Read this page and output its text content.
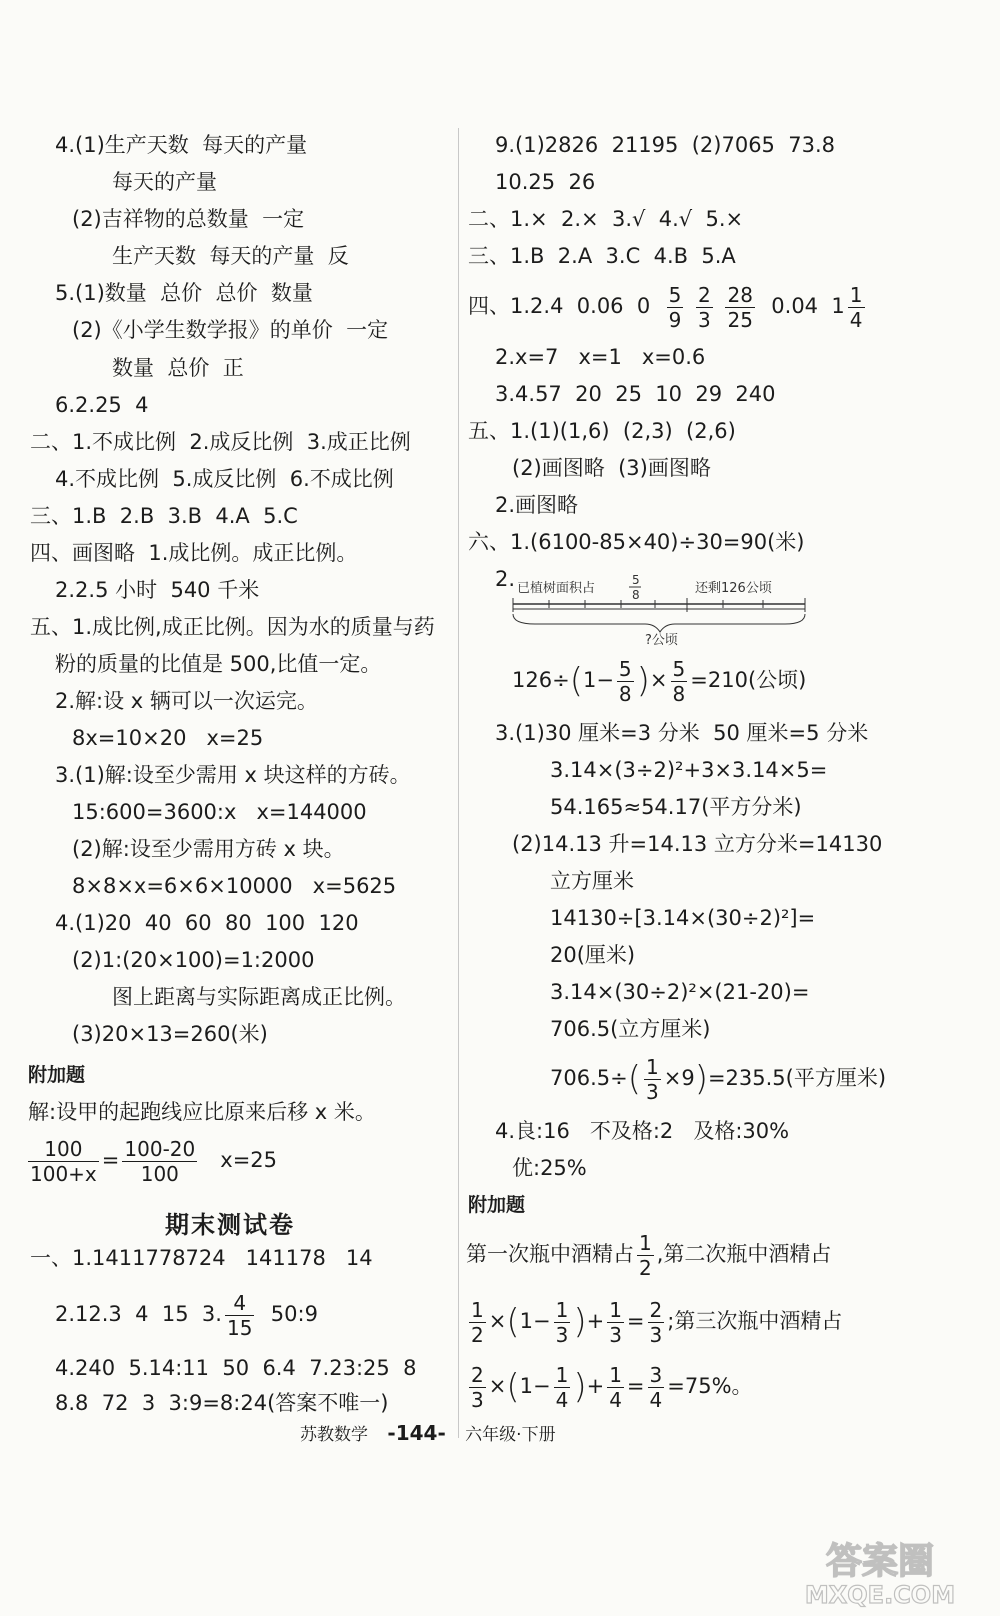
4.(1)生产天数  每天的产量
每天的产量
(2)吉祥物的总数量  一定
生产天数  每天的产量  反
5.(1)数量  总价  总价  数量
(2)《小学生数学报》的单价  一定
数量  总价  正
6.2.25  4
二、1.不成比例  2.成反比例  3.成正比例
4.不成比例  5.成反比例  6.不成比例
三、1.B  2.B  3.B  4.A  5.C
四、画图略  1.成比例。成正比例。
2.2.5 小时  540 千米
五、1.成比例,成正比例。因为水的质量与药
粉的质量的比值是 500,比值一定。
2.解:设 x 辆可以一次运完。
8x=10×20   x=25
3.(1)解:设至少需用 x 块这样的方砖。
15:600=3600:x   x=144000
(2)解:设至少需用方砖 x 块。
8×8×x=6×6×10000   x=5625
4.(1)20  40  60  80  100  120
(2)1:(20×100)=1:2000
图上距离与实际距离成正比例。
(3)20×13=260(米)
附加题
解:设甲的起跑线应比原来后移 x 米。
$\frac{100}{100+x} = \frac{100-20}{100} x=25$
期末测试卷
一、1.1411778724   141178   14
2.12.3  4  15  3. $\frac{4}{15}$ 50:9
4.240  5.14:11  50  6.4  7.23:25  8
8.8  72  3  3:9=8:24(答案不唯一)
9.(1)2826  21195  (2)7065  73.8
10.25  26
二、1.×  2.×  3.√  4.√  5.×
三、1.B  2.A  3.C  4.B  5.A
四、1.2.4  0.06  $0 \frac{5}{9}$
$\frac{2}{3}$
$\frac{28}{25} 0.04$  $1 \frac{1}{4}$
2.x=7   x=1   x=0.6
3.4.57  20  25  10  29  240
五、1.(1)(1,6)  (2,3)  (2,6)
(2)画图略  (3)画图略
2.画图略
六、1.(6100-85×40)÷30=90(米)
2. 已植树面积占
5
8	还剩126公顷
?公顷
$126\div(1- \frac{5}{8}$ )× $\frac{5}{8} =210$(公顷)
3.(1)30 厘米=3 分米  50 厘米=5 分米
3.14×(3÷2)²+3×3.14×5=
54.165≈54.17(平方分米)
(2)14.13 升=14.13 立方分米=14130
立方厘米
14130÷[3.14×(30÷2)²]=
20(厘米)
3.14×(30÷2)²×(21-20)=
706.5(立方厘米)
$706.5\div( \frac{1}{3} \times 9)=235.5$(平方厘米)
4.良:16   不及格:2   及格:30%
优:25%
附加题
第一次瓶中酒精占 $\frac{1}{2}$ ,第二次瓶中酒精占
$\frac{1}{2} \times(1- \frac{1}{3}$ )+ $\frac{1}{3} = \frac{2}{3}$ ;第三次瓶中酒精占
$\frac{2}{3} \times(1- \frac{1}{4}$ )+ $\frac{1}{4} = \frac{3}{4} =75\%$。
苏教数学 -144- 六年级·下册
答案圈
MXQE.COM
